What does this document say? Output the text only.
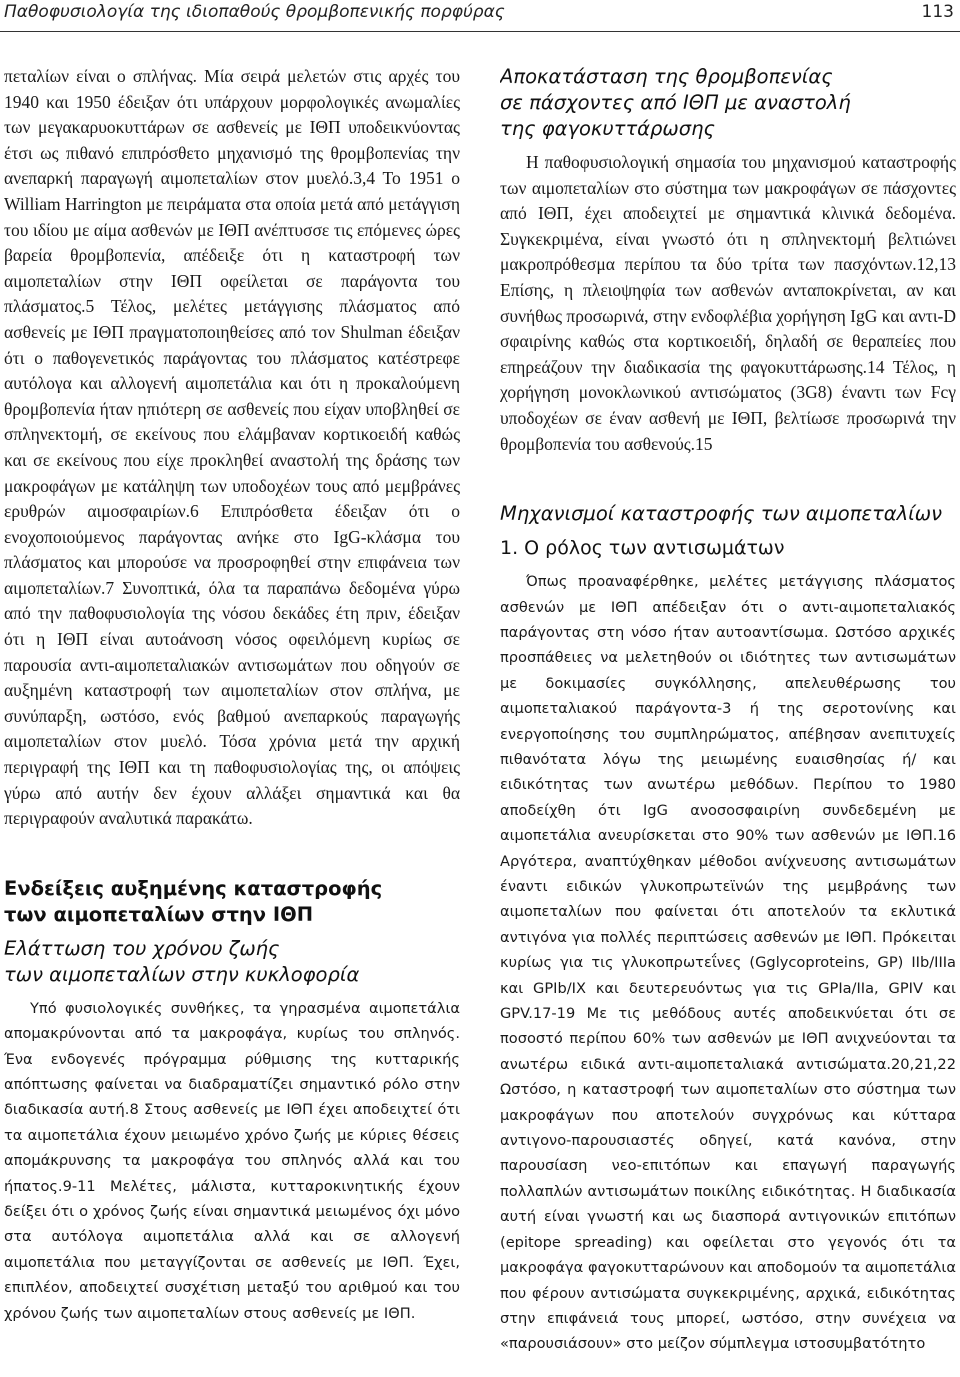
Παθοφυσιολογία της ιδιοπαθούς θρομβοπενικής πορφύρας	113

πεταλίων είναι ο σπλήνας. Μία σειρά μελετών στις αρχές του 1940 και 1950 έδειξαν ότι υπάρχουν μορφολογικές ανωμαλίες των μεγακαρυοκυττάρων σε ασθενείς με ΙΘΠ υποδεικνύοντας έτσι ως πιθανό επιπρόσθετο μηχανισμό της θρομβοπενίας την ανεπαρκή παραγωγή αιμοπεταλίων στον μυελό.3,4 Το 1951 ο William Harrington με πειράματα στα οποία μετά από μετάγγιση του ιδίου με αίμα ασθενών με ΙΘΠ ανέπτυσσε τις επόμενες ώρες βαρεία θρομβοπενία, απέδειξε ότι η καταστροφή των αιμοπεταλίων στην ΙΘΠ οφείλεται σε παράγοντα του πλάσματος.5 Τέλος, μελέτες μετάγγισης πλάσματος από ασθενείς με ΙΘΠ πραγματοποιηθείσες από τον Shulman έδειξαν ότι ο παθογενετικός παράγοντας του πλάσματος κατέστρεφε αυτόλογα και αλλογενή αιμοπετάλια και ότι η προκαλούμενη θρομβοπενία ήταν ηπιότερη σε ασθενείς που είχαν υποβληθεί σε σπληνεκτομή, σε εκείνους που ελάμβαναν κορτικοειδή καθώς και σε εκείνους που είχε προκληθεί αναστολή της δράσης των μακροφάγων με κατάληψη των υποδοχέων τους από μεμβράνες ερυθρών αιμοσφαιρίων.6 Επιπρόσθετα έδειξαν ότι ο ενοχοποιούμενος παράγοντας ανήκε στο IgG-κλάσμα του πλάσματος και μπορούσε να προσροφηθεί στην επιφάνεια των αιμοπεταλίων.7 Συνοπτικά, όλα τα παραπάνω δεδομένα γύρω από την παθοφυσιολογία της νόσου δεκάδες έτη πριν, έδειξαν ότι η ΙΘΠ είναι αυτοάνοση νόσος οφειλόμενη κυρίως σε παρουσία αντι-αιμοπεταλιακών αντισωμάτων που οδηγούν σε αυξημένη καταστροφή των αιμοπεταλίων στον σπλήνα, με συνύπαρξη, ωστόσο, ενός βαθμού ανεπαρκούς παραγωγής αιμοπεταλίων στον μυελό. Τόσα χρόνια μετά την αρχική περιγραφή της ΙΘΠ και τη παθοφυσιολογίας της, οι απόψεις γύρω από αυτήν δεν έχουν αλλάξει σημαντικά και θα περιγραφούν αναλυτικά παρακάτω.

Ενδείξεις αυξημένης καταστροφής
των αιμοπεταλίων στην ΙΘΠ
Ελάττωση του χρόνου ζωής
των αιμοπεταλίων στην κυκλοφορία

Υπό φυσιολογικές συνθήκες, τα γηρασμένα αιμοπετάλια απομακρύνονται από τα μακροφάγα, κυρίως του σπληνός. Ένα ενδογενές πρόγραμμα ρύθμισης της κυτταρικής απόπτωσης φαίνεται να διαδραματίζει σημαντικό ρόλο στην διαδικασία αυτή.8 Στους ασθενείς με ΙΘΠ έχει αποδειχτεί ότι τα αιμοπετάλια έχουν μειωμένο χρόνο ζωής με κύριες θέσεις απομάκρυνσης τα μακροφάγα του σπληνός αλλά και του ήπατος.9-11 Μελέτες, μάλιστα, κυτταροκινητικής έχουν δείξει ότι ο χρόνος ζωής είναι σημαντικά μειωμένος όχι μόνο στα αυτόλογα αιμοπετάλια αλλά και σε αλλογενή αιμοπετάλια που μεταγγίζονται σε ασθενείς με ΙΘΠ. Έχει, επιπλέον, αποδειχτεί συσχέτιση μεταξύ του αριθμού και του χρόνου ζωής των αιμοπεταλίων στους ασθενείς με ΙΘΠ.

Αποκατάσταση της θρομβοπενίας
σε πάσχοντες από ΙΘΠ με αναστολή
της φαγοκυττάρωσης

Η παθοφυσιολογική σημασία του μηχανισμού καταστροφής των αιμοπεταλίων στο σύστημα των μακροφάγων σε πάσχοντες από ΙΘΠ, έχει αποδειχτεί με σημαντικά κλινικά δεδομένα. Συγκεκριμένα, είναι γνωστό ότι η σπληνεκτομή βελτιώνει μακροπρόθεσμα περίπου τα δύο τρίτα των πασχόντων.12,13 Επίσης, η πλειοψηφία των ασθενών ανταποκρίνεται, αν και συνήθως προσωρινά, στην ενδοφλέβια χορήγηση IgG και αντι-D σφαιρίνης καθώς στα κορτικοειδή, δηλαδή σε θεραπείες που επηρεάζουν την διαδικασία της φαγοκυττάρωσης.14 Τέλος, η χορήγηση μονοκλωνικού αντισώματος (3G8) έναντι των Fcγ υποδοχέων σε έναν ασθενή με ΙΘΠ, βελτίωσε προσωρινά την θρομβοπενία του ασθενούς.15

Μηχανισμοί καταστροφής των αιμοπεταλίων
1. Ο ρόλος των αντισωμάτων

Όπως προαναφέρθηκε, μελέτες μετάγγισης πλάσματος ασθενών με ΙΘΠ απέδειξαν ότι ο αντι-αιμοπεταλιακός παράγοντας στη νόσο ήταν αυτοαντίσωμα. Ωστόσο αρχικές προσπάθειες να μελετηθούν οι ιδιότητες των αντισωμάτων με δοκιμασίες συγκόλλησης, απελευθέρωσης του αιμοπεταλιακού παράγοντα-3 ή της σεροτονίνης και ενεργοποίησης του συμπληρώματος, απέβησαν ανεπιτυχείς πιθανότατα λόγω της μειωμένης ευαισθησίας ή/ και ειδικότητας των ανωτέρω μεθόδων. Περίπου το 1980 αποδείχθη ότι IgG ανοσοσφαιρίνη συνδεδεμένη με αιμοπετάλια ανευρίσκεται στο 90% των ασθενών με ΙΘΠ.16 Αργότερα, αναπτύχθηκαν μέθοδοι ανίχνευσης αντισωμάτων έναντι ειδικών γλυκοπρωτεϊνών της μεμβράνης των αιμοπεταλίων που φαίνεται ότι αποτελούν τα εκλυτικά αντιγόνα για πολλές περιπτώσεις ασθενών με ΙΘΠ. Πρόκειται κυρίως για τις γλυκοπρωτεΐνες (Gglycoproteins, GP) IIb/IIIa και GPIb/IX και δευτερευόντως για τις GPIa/IIa, GPIV και GPV.17-19 Με τις μεθόδους αυτές αποδεικνύεται ότι σε ποσοστό περίπου 60% των ασθενών με ΙΘΠ ανιχνεύονται τα ανωτέρω ειδικά αντι-αιμοπεταλιακά αντισώματα.20,21,22 Ωστόσο, η καταστροφή των αιμοπεταλίων στο σύστημα των μακροφάγων που αποτελούν συγχρόνως και κύτταρα αντιγονο-παρουσιαστές οδηγεί, κατά κανόνα, στην παρουσίαση νεο-επιτόπων και επαγωγή παραγωγής πολλαπλών αντισωμάτων ποικίλης ειδικότητας. Η διαδικασία αυτή είναι γνωστή και ως διασπορά αντιγονικών επιτόπων (epitope spreading) και οφείλεται στο γεγονός ότι τα μακροφάγα φαγοκυτταρώνουν και αποδομούν τα αιμοπετάλια που φέρουν αντισώματα συγκεκριμένης, αρχικά, ειδικότητας στην επιφάνειά τους μπορεί, ωστόσο, στην συνέχεια να «παρουσιάσουν» στο μείζον σύμπλεγμα ιστοσυμβατότητο
